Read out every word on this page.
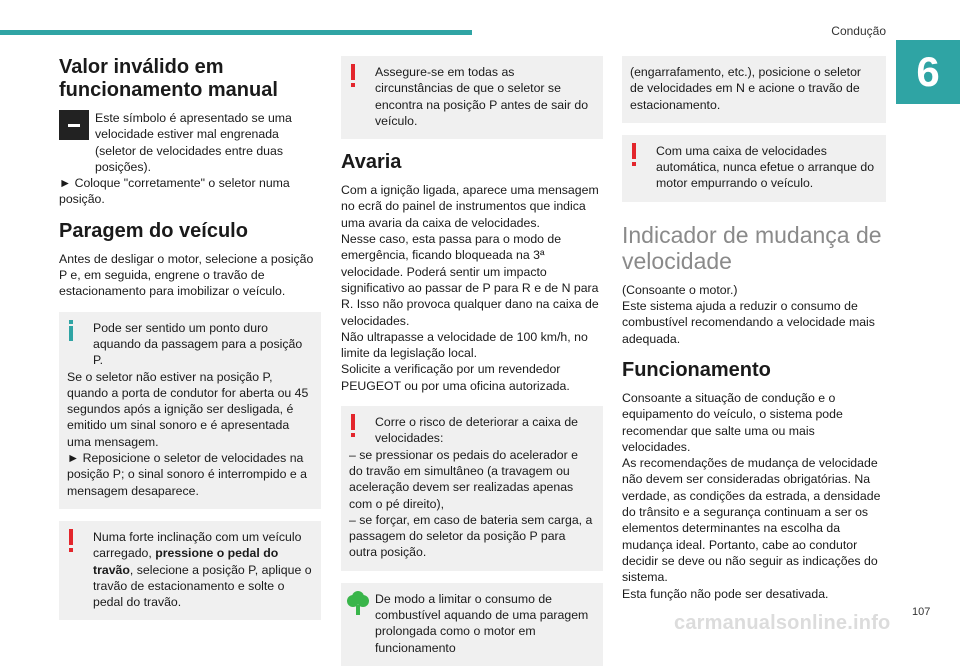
Condução
6
107
carmanualsonline.info
Valor inválido em funcionamento manual

Este símbolo é apresentado se uma velocidade estiver mal engrenada (seletor de velocidades entre duas posições).

► Coloque "corretamente" o seletor numa posição.

Paragem do veículo

Antes de desligar o motor, selecione a posição P e, em seguida, engrene o travão de estacionamento para imobilizar o veículo.

Pode ser sentido um ponto duro aquando da passagem para a posição P.

Se o seletor não estiver na posição P, quando a porta de condutor for aberta ou 45 segundos após a ignição ser desligada, é emitido um sinal sonoro e é apresentada uma mensagem.

► Reposicione o seletor de velocidades na posição P; o sinal sonoro é interrompido e a mensagem desaparece.

Numa forte inclinação com um veículo carregado, pressione o pedal do travão, selecione a posição P, aplique o travão de estacionamento e solte o pedal do travão.

Assegure-se em todas as circunstâncias de que o seletor se encontra na posição P antes de sair do veículo.

Avaria

Com a ignição ligada, aparece uma mensagem no ecrã do painel de instrumentos que indica uma avaria da caixa de velocidades.

Nesse caso, esta passa para o modo de emergência, ficando bloqueada na 3ª velocidade. Poderá sentir um impacto significativo ao passar de P para R e de N para R. Isso não provoca qualquer dano na caixa de velocidades.

Não ultrapasse a velocidade de 100 km/h, no limite da legislação local.

Solicite a verificação por um revendedor PEUGEOT ou por uma oficina autorizada.

Corre o risco de deteriorar a caixa de velocidades:

– se pressionar os pedais do acelerador e do travão em simultâneo (a travagem ou aceleração devem ser realizadas apenas com o pé direito),

– se forçar, em caso de bateria sem carga, a passagem do seletor da posição P para outra posição.

De modo a limitar o consumo de combustível aquando de uma paragem prolongada como o motor em funcionamento

(engarrafamento, etc.), posicione o seletor de velocidades em N e acione o travão de estacionamento.

Com uma caixa de velocidades automática, nunca efetue o arranque do motor empurrando o veículo.

Indicador de mudança de velocidade

(Consoante o motor.)

Este sistema ajuda a reduzir o consumo de combustível recomendando a velocidade mais adequada.

Funcionamento

Consoante a situação de condução e o equipamento do veículo, o sistema pode recomendar que salte uma ou mais velocidades.

As recomendações de mudança de velocidade não devem ser consideradas obrigatórias. Na verdade, as condições da estrada, a densidade do trânsito e a segurança continuam a ser os elementos determinantes na escolha da mudança ideal. Portanto, cabe ao condutor decidir se deve ou não seguir as indicações do sistema.

Esta função não pode ser desativada.
